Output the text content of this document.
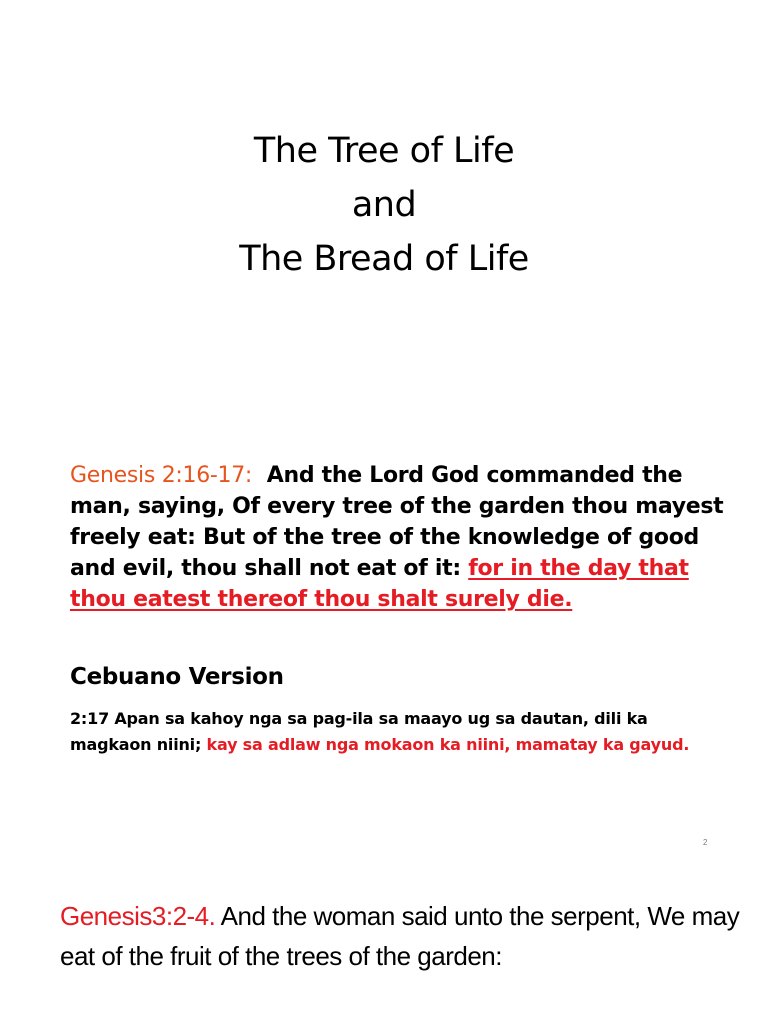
The Tree of Life
and
The Bread of Life
Genesis 2:16-17: And the Lord God commanded the man, saying, Of every tree of the garden thou mayest freely eat: But of the tree of the knowledge of good and evil, thou shall not eat of it: for in the day that thou eatest thereof thou shalt surely die.
Cebuano Version
2:17 Apan sa kahoy nga sa pag-ila sa maayo ug sa dautan, dili ka magkaon niini; kay sa adlaw nga mokaon ka niini, mamatay ka gayud.
2
Genesis3:2-4. And the woman said unto the serpent, We may eat of the fruit of the trees of the garden:
